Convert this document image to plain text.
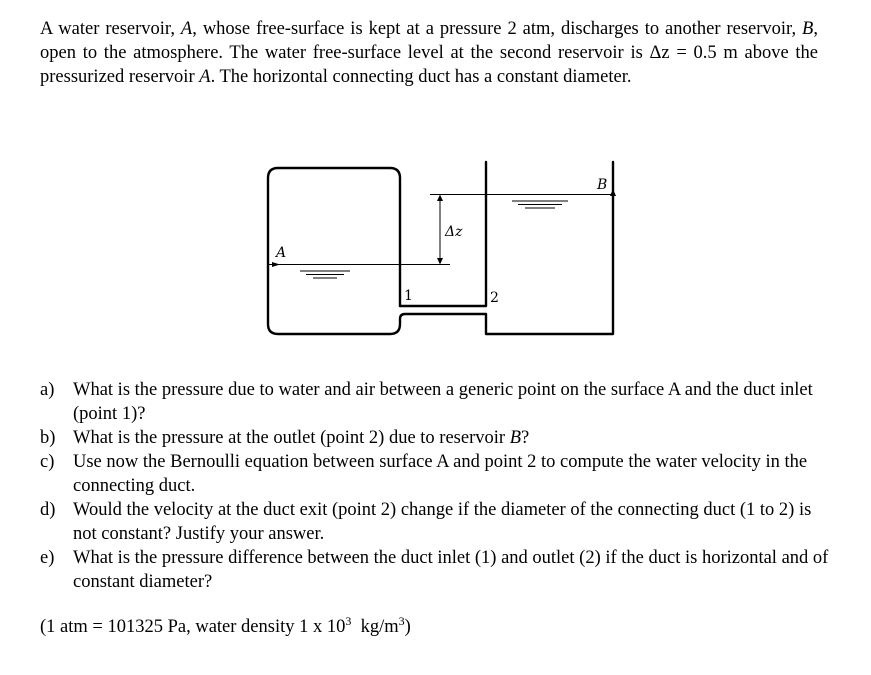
A water reservoir, A, whose free-surface is kept at a pressure 2 atm, discharges to another reservoir, B, open to the atmosphere. The water free-surface level at the second reservoir is Δz = 0.5 m above the pressurized reservoir A. The horizontal connecting duct has a constant diameter.

A
B
Δz
1	2
a) What is the pressure due to water and air between a generic point on the surface A and the duct inlet (point 1)?
b) What is the pressure at the outlet (point 2) due to reservoir B?
c) Use now the Bernoulli equation between surface A and point 2 to compute the water velocity in the connecting duct.
d) Would the velocity at the duct exit (point 2) change if the diameter of the connecting duct (1 to 2) is not constant? Justify your answer.
e) What is the pressure difference between the duct inlet (1) and outlet (2) if the duct is horizontal and of constant diameter?

(1 atm = 101325 Pa, water density 1 x $10^3$  $kg/m^3$)
